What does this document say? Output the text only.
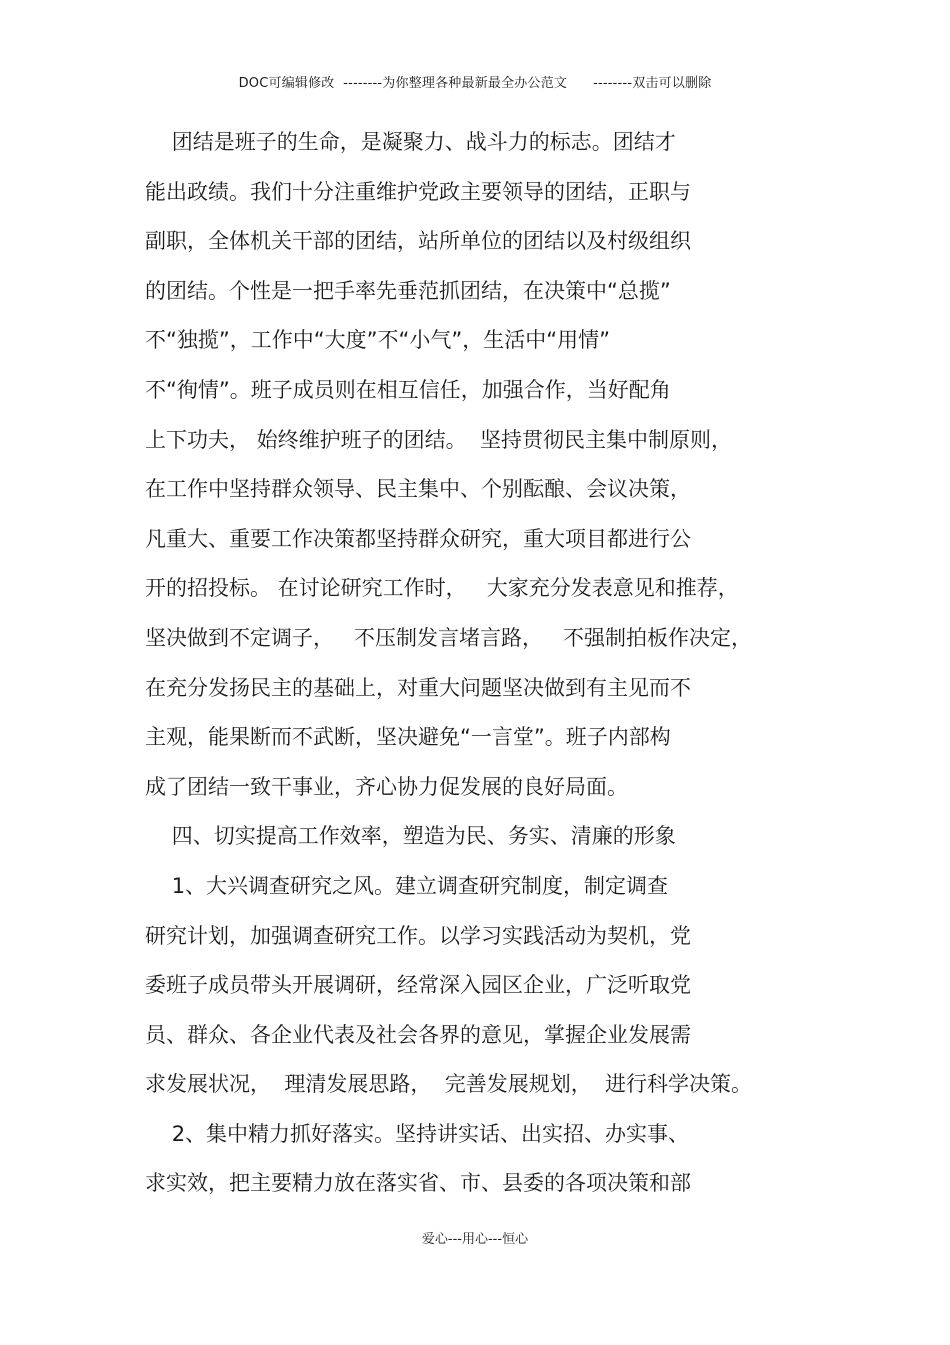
DOC可编辑修改  --------为你整理各种最新最全办公范文      --------双击可以删除
团结是班子的生命，是凝聚力、战斗力的标志。团结才
能出政绩。我们十分注重维护党政主要领导的团结，正职与
副职，全体机关干部的团结，站所单位的团结以及村级组织
的团结。个性是一把手率先垂范抓团结，在决策中“总揽”
不“独揽”，工作中“大度”不“小气”，生活中“用情”
不“徇情”。班子成员则在相互信任，加强合作，当好配角
上下功夫， 始终维护班子的团结。  坚持贯彻民主集中制原则，
在工作中坚持群众领导、民主集中、个别酝酿、会议决策，
凡重大、重要工作决策都坚持群众研究，重大项目都进行公
开的招投标。 在讨论研究工作时，   大家充分发表意见和推荐，
坚决做到不定调子，   不压制发言堵言路，   不强制拍板作决定，
在充分发扬民主的基础上，对重大问题坚决做到有主见而不
主观，能果断而不武断，坚决避免“一言堂”。班子内部构
成了团结一致干事业，齐心协力促发展的良好局面。
四、切实提高工作效率，塑造为民、务实、清廉的形象
1、大兴调查研究之风。建立调查研究制度，制定调查
研究计划，加强调查研究工作。以学习实践活动为契机，党
委班子成员带头开展调研，经常深入园区企业，广泛听取党
员、群众、各企业代表及社会各界的意见，掌握企业发展需
求发展状况，  理清发展思路，  完善发展规划，  进行科学决策。
2、集中精力抓好落实。坚持讲实话、出实招、办实事、
求实效，把主要精力放在落实省、市、县委的各项决策和部
爱心---用心---恒心
